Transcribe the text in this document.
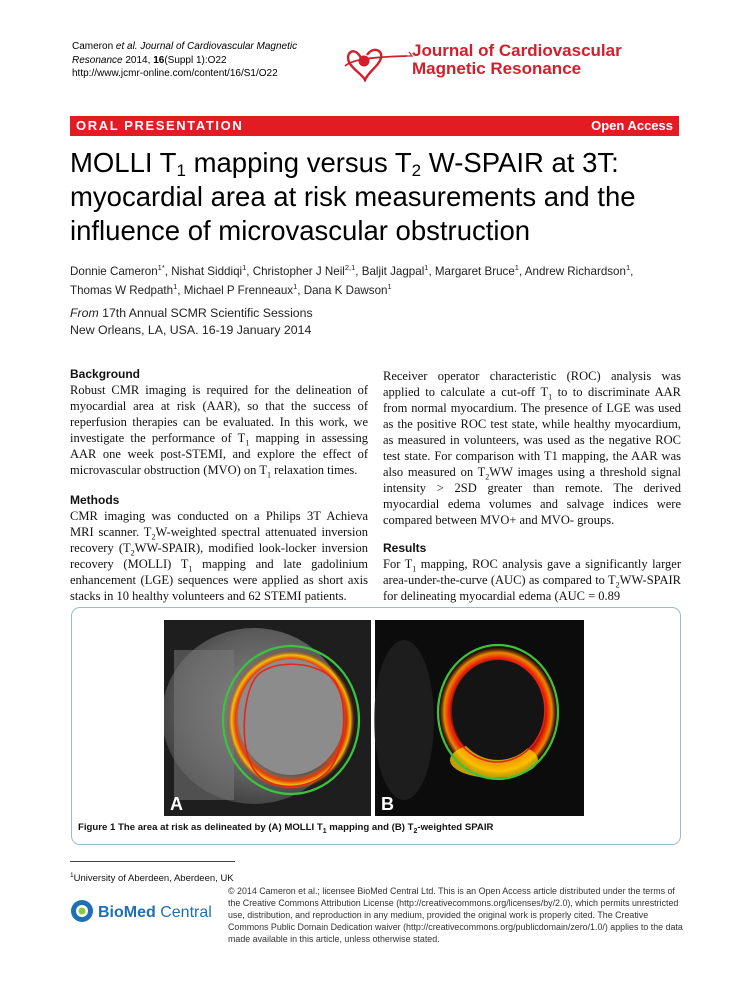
Cameron et al. Journal of Cardiovascular Magnetic
Resonance 2014, 16(Suppl 1):O22
http://www.jcmr-online.com/content/16/S1/O22
Journal of Cardiovascular
Magnetic Resonance
ORAL PRESENTATION	Open Access
MOLLI $T_1$ mapping versus $T_2$ W-SPAIR at 3T:
myocardial area at risk measurements and the
influence of microvascular obstruction
Donnie Cameron$^{1*}$, Nishat Siddiqi$^1$, Christopher J Neil$^{2,1}$, Baljit Jagpal$^1$, Margaret Bruce$^1$, Andrew Richardson$^1$,
Thomas W Redpath$^1$, Michael P Frenneaux$^1$, Dana K Dawson$^1$
From 17th Annual SCMR Scientific Sessions
New Orleans, LA, USA. 16-19 January 2014

Background

Robust CMR imaging is required for the delineation of myocardial area at risk (AAR), so that the success of reperfusion therapies can be evaluated. In this work, we investigate the performance of $T_1$ mapping in assessing AAR one week post-STEMI, and explore the effect of microvascular obstruction (MVO) on $T_1$ relaxation times.

Methods

CMR imaging was conducted on a Philips 3T Achieva MRI scanner. $T_2W$-weighted spectral attenuated inversion recovery $(T_2WW-SPAIR)$, modified look-locker inversion recovery (MOLLI) $T_1$ mapping and late gadolinium enhancement (LGE) sequences were applied as short axis stacks in 10 healthy volunteers and 62 STEMI patients.

Receiver operator characteristic (ROC) analysis was applied to calculate a cut-off $T_1$ to to discriminate AAR from normal myocardium. The presence of LGE was used as the positive ROC test state, while healthy myocardium, as measured in volunteers, was used as the negative ROC test state. For comparison with T1 mapping, the AAR was also measured on $T_2WW$ images using a threshold signal intensity > 2SD greater than remote. The derived myocardial edema volumes and salvage indices were compared between MVO+ and MVO- groups.

Results

For $T_1$ mapping, ROC analysis gave a significantly larger area-under-the-curve (AUC) as compared to $T_2WW$-SPAIR for delineating myocardial edema (AUC = 0.89

A	B
Figure 1 The area at risk as delineated by (A) MOLLI $T_1$ mapping and (B) $T_2$-weighted SPAIR
$^1$University of Aberdeen, Aberdeen, UK
BioMed Central
© 2014 Cameron et al.; licensee BioMed Central Ltd. This is an Open Access article distributed under the terms of the Creative Commons Attribution License (http://creativecommons.org/licenses/by/2.0), which permits unrestricted use, distribution, and reproduction in any medium, provided the original work is properly cited. The Creative Commons Public Domain Dedication waiver (http://creativecommons.org/publicdomain/zero/1.0/) applies to the data made available in this article, unless otherwise stated.
